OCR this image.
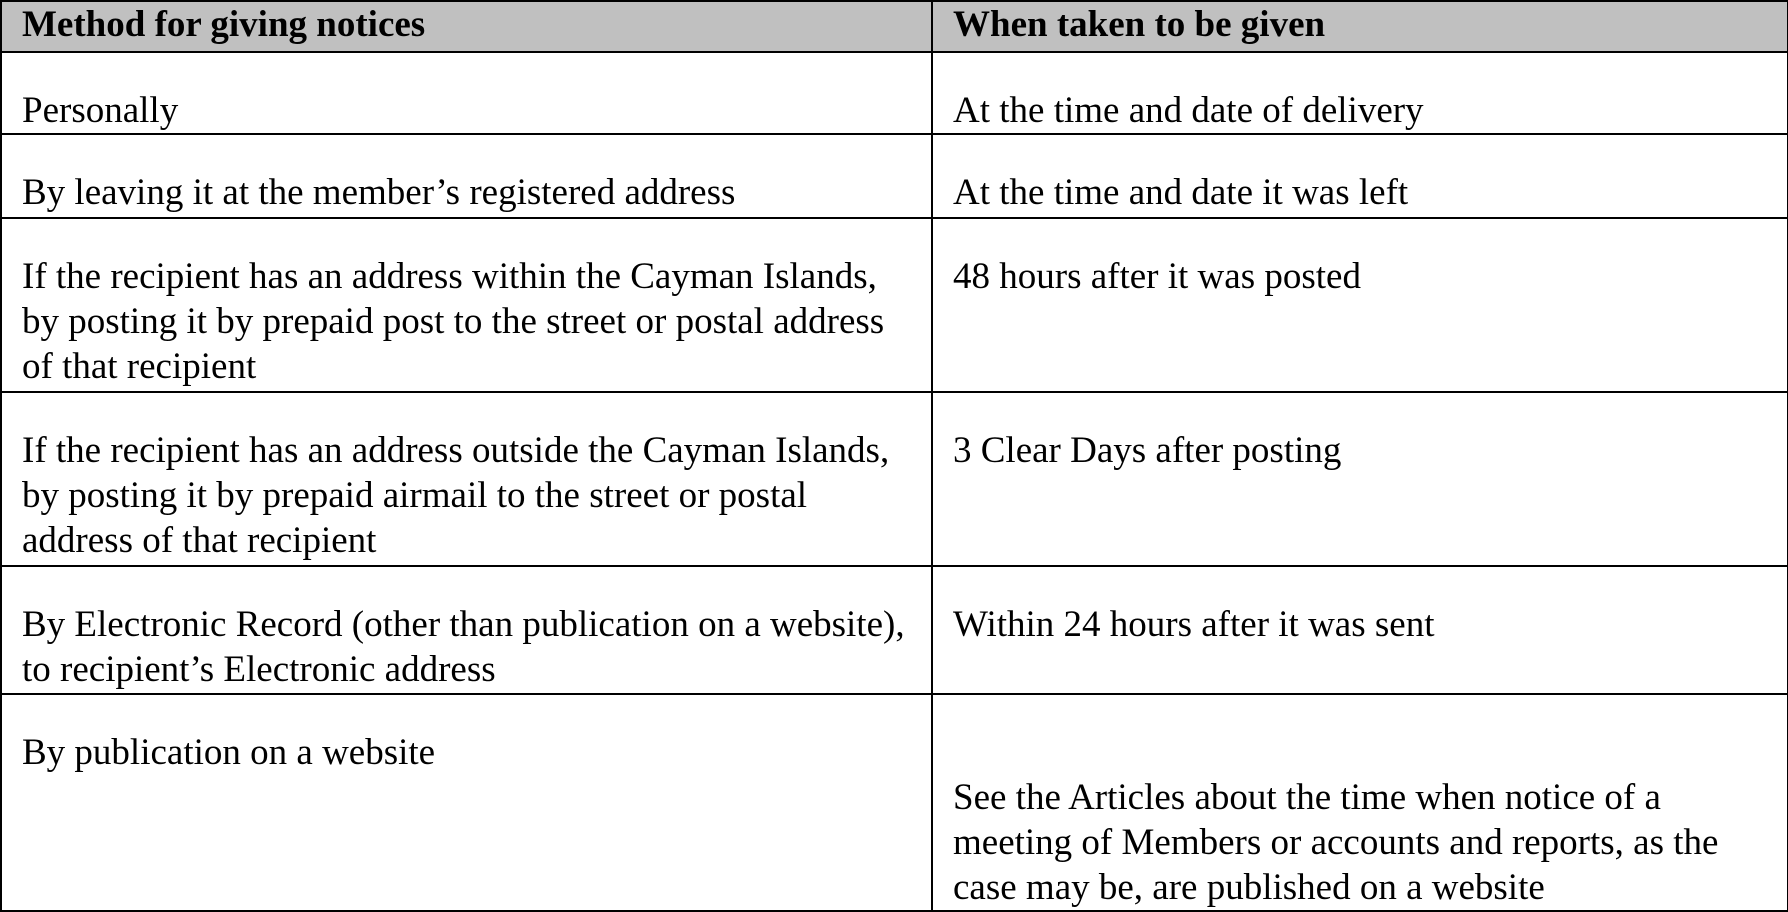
Method for giving notices	When taken to be given
Personally	At the time and date of delivery
By leaving it at the member’s registered address	At the time and date it was left
If the recipient has an address within the Cayman Islands, by posting it by prepaid post to the street or postal address of that recipient	48 hours after it was posted
If the recipient has an address outside the Cayman Islands, by posting it by prepaid airmail to the street or postal address of that recipient	3 Clear Days after posting
By Electronic Record (other than publication on a website), to recipient’s Electronic address	Within 24 hours after it was sent
By publication on a website	See the Articles about the time when notice of a meeting of Members or accounts and reports, as the case may be, are published on a website
